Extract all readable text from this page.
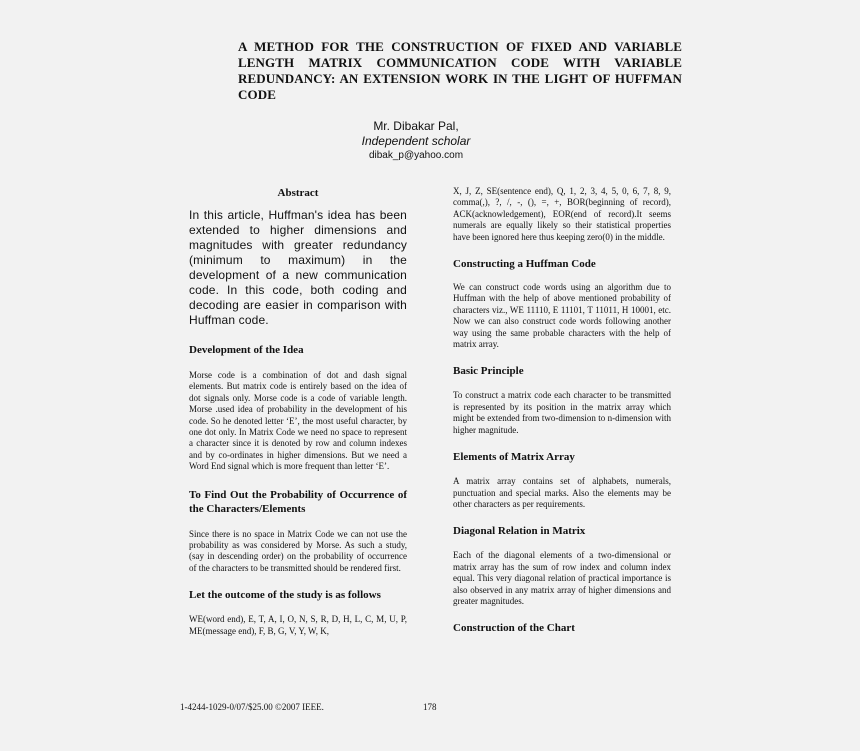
A METHOD FOR THE CONSTRUCTION OF FIXED AND VARIABLE LENGTH MATRIX COMMUNICATION CODE WITH VARIABLE REDUNDANCY: AN EXTENSION WORK IN THE LIGHT OF HUFFMAN CODE
Mr. Dibakar Pal,
Independent scholar
dibak_p@yahoo.com
Abstract

In this article, Huffman's idea has been extended to higher dimensions and magnitudes with greater redundancy (minimum to maximum) in the development of a new communication code. In this code, both coding and decoding are easier in comparison with Huffman code.

Development of the Idea

Morse code is a combination of dot and dash signal elements. But matrix code is entirely based on the idea of dot signals only. Morse code is a code of variable length. Morse .used idea of probability in the development of his code. So he denoted letter ‘E’, the most useful character, by one dot only. In Matrix Code we need no space to represent a character since it is denoted by row and column indexes and by co-ordinates in higher dimensions. But we need a Word End signal which is more frequent than letter ‘E’.

To Find Out the Probability of Occurrence of the Characters/Elements

Since there is no space in Matrix Code we can not use the probability as was considered by Morse. As such a study, (say in descending order) on the probability of occurrence of the characters to be transmitted should be rendered first.

Let the outcome of the study is as follows

WE(word end), E, T, A, I, O, N, S, R, D, H, L, C, M, U, P, ME(message end), F, B, G, V, Y, W, K,

X, J, Z, SE(sentence end), Q, 1, 2, 3, 4, 5, 0, 6, 7, 8, 9, comma(,), ?, /, -, (), =, +, BOR(beginning of record), ACK(acknowledgement), EOR(end of record).It seems numerals are equally likely so their statistical properties have been ignored here thus keeping zero(0) in the middle.

Constructing a Huffman Code

We can construct code words using an algorithm due to Huffman with the help of above mentioned probability of characters viz., WE 11110, E 11101, T 11011, H 10001, etc. Now we can also construct code words following another way using the same probable characters with the help of matrix array.

Basic Principle

To construct a matrix code each character to be transmitted is represented by its position in the matrix array which might be extended from two-dimension to n-dimension with higher magnitude.

Elements of Matrix Array

A matrix array contains set of alphabets, numerals, punctuation and special marks. Also the elements may be other characters as per requirements.

Diagonal Relation in Matrix

Each of the diagonal elements of a two-dimensional or matrix array has the sum of row index and column index equal. This very diagonal relation of practical importance is also observed in any matrix array of higher dimensions and greater magnitudes.

Construction of the Chart
1-4244-1029-0/07/$25.00 ©2007 IEEE.	178
